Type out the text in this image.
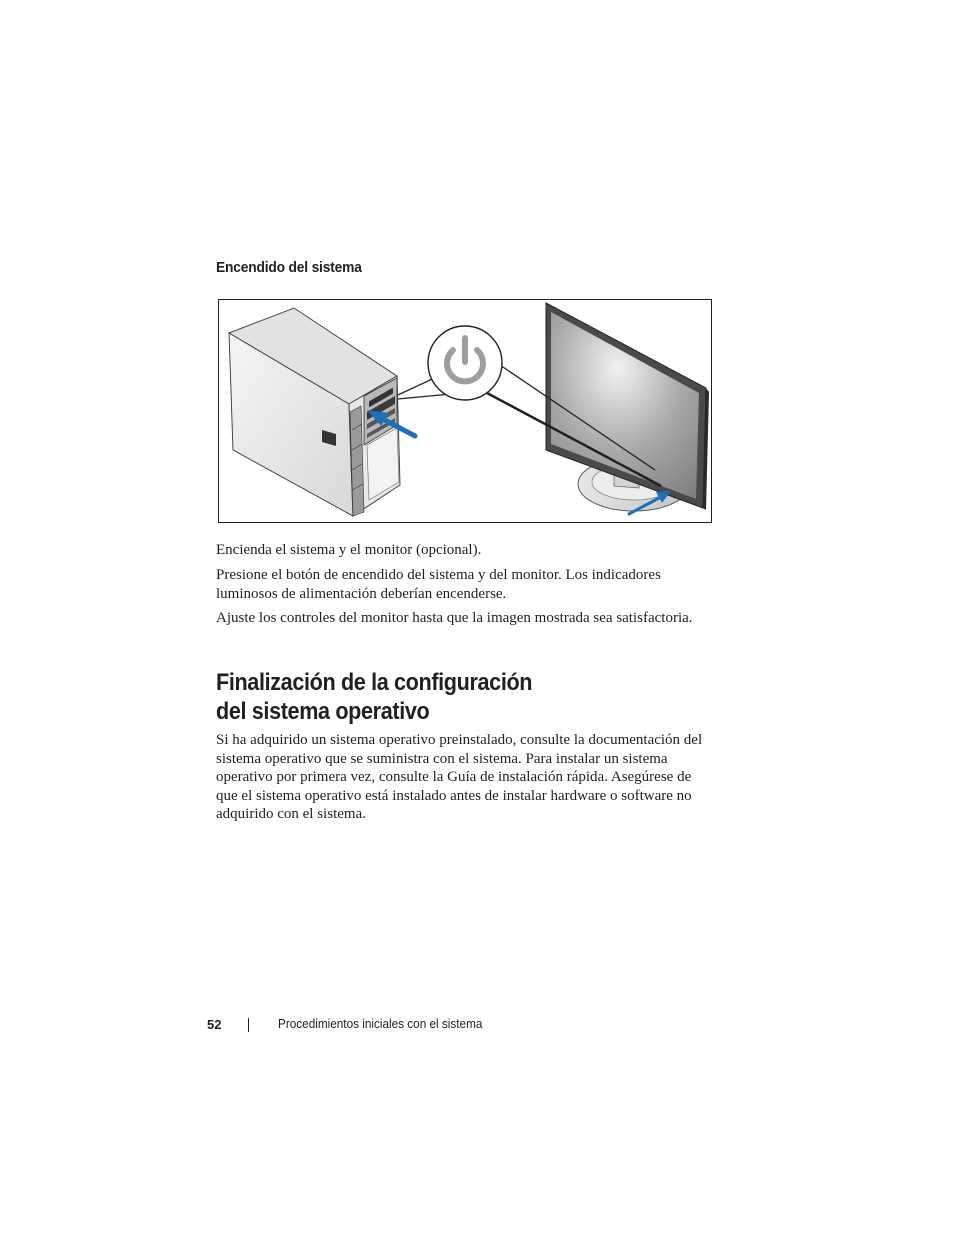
Encendido del sistema

Encienda el sistema y el monitor (opcional).

Presione el botón de encendido del sistema y del monitor. Los indicadores luminosos de alimentación deberían encenderse.

Ajuste los controles del monitor hasta que la imagen mostrada sea satisfactoria.

Finalización de la configuración
del sistema operativo

Si ha adquirido un sistema operativo preinstalado, consulte la documentación del sistema operativo que se suministra con el sistema. Para instalar un sistema operativo por primera vez, consulte la Guía de instalación rápida. Asegúrese de que el sistema operativo está instalado antes de instalar hardware o software no adquirido con el sistema.

52	Procedimientos iniciales con el sistema
